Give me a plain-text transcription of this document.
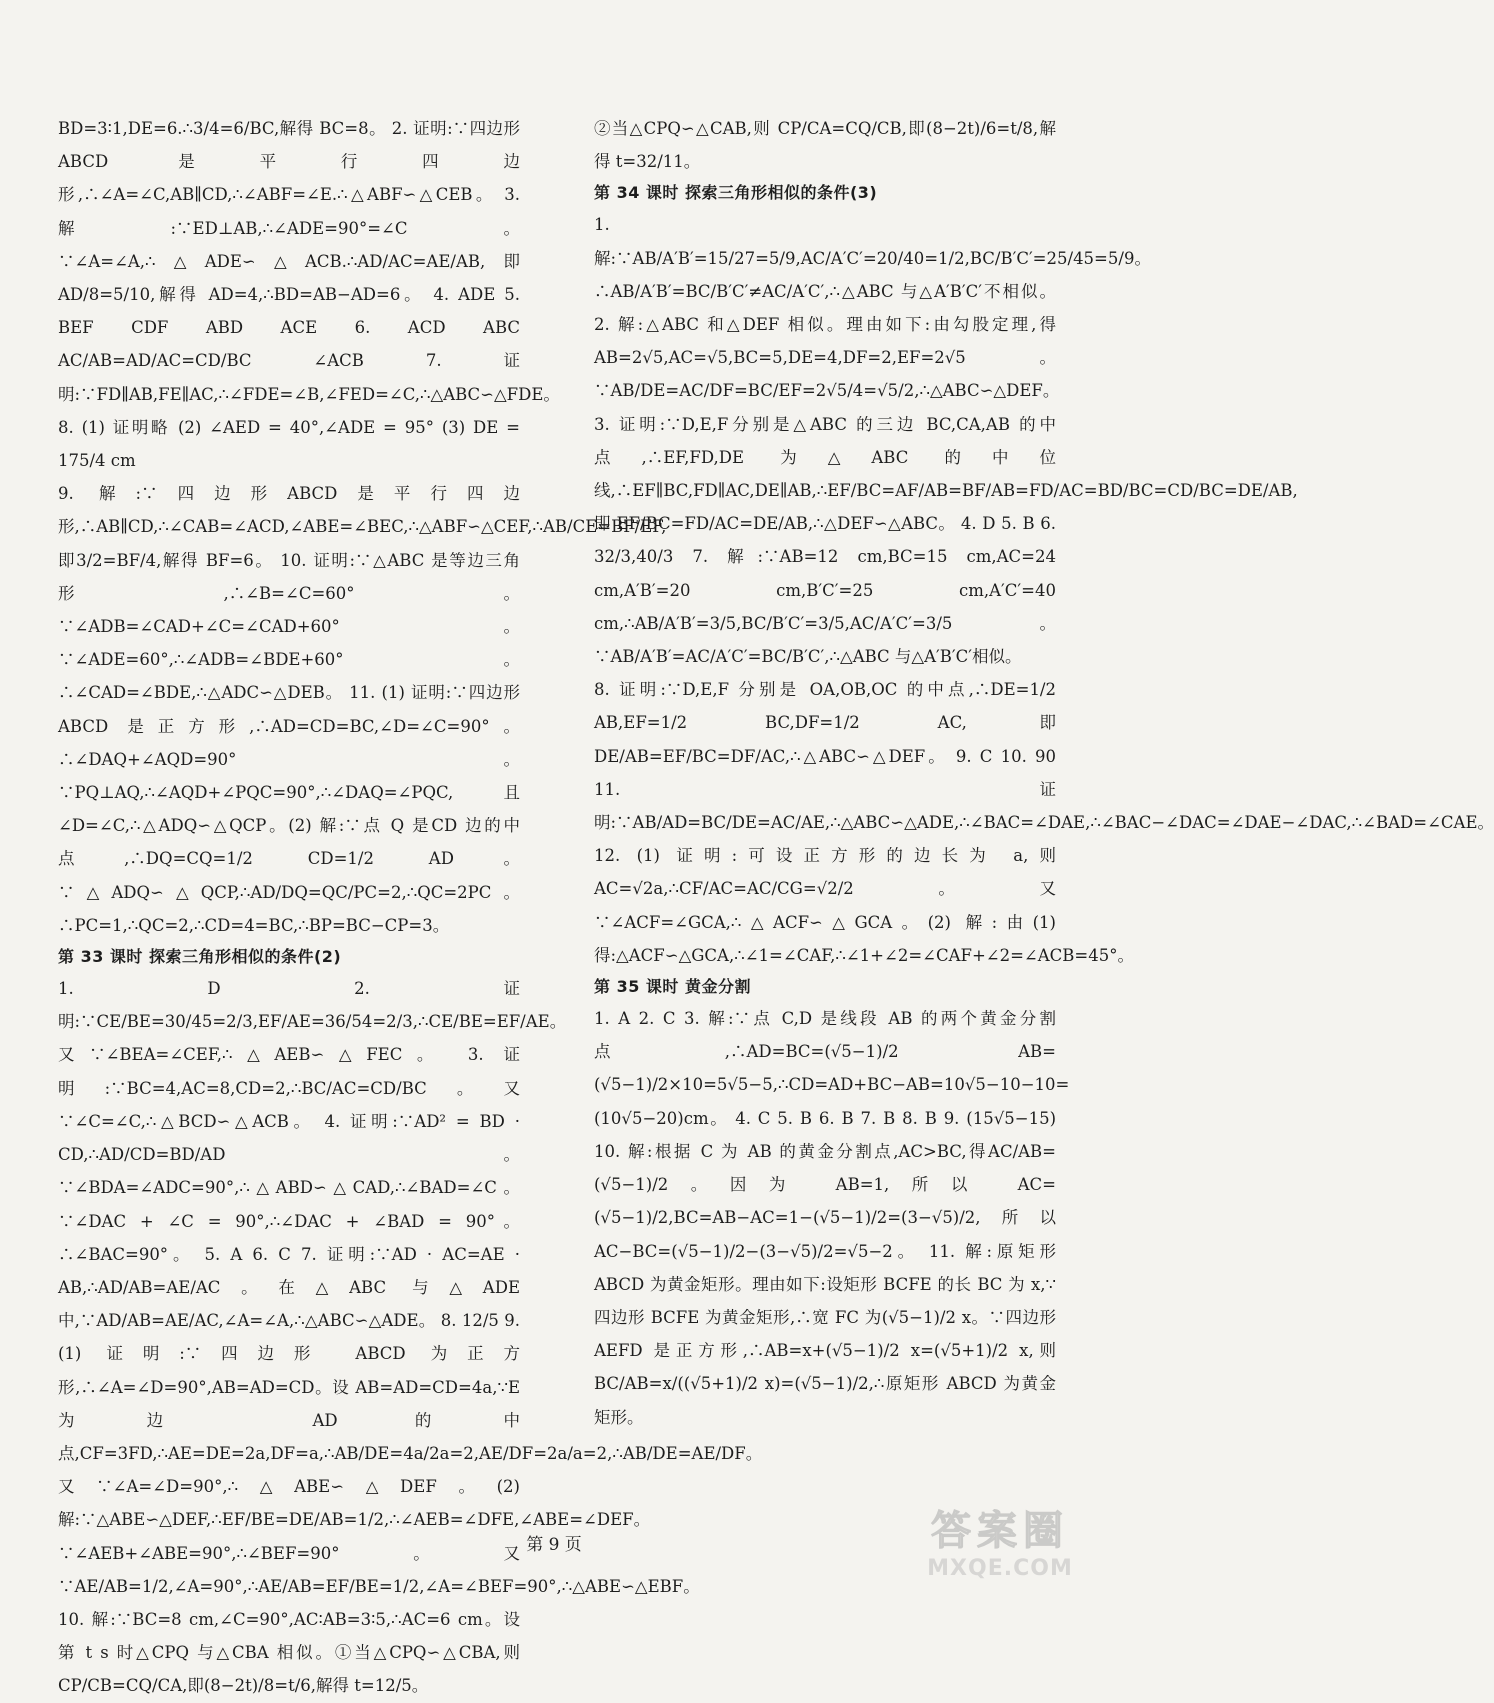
BD=3∶1,DE=6.∴3/4=6/BC,解得 BC=8。 2. 证明:∵四边形 ABCD 是平行四边形,∴∠A=∠C,AB∥CD,∴∠ABF=∠E.∴△ABF∽△CEB。 3. 解:∵ED⊥AB,∴∠ADE=90°=∠C。∵∠A=∠A,∴△ADE∽△ACB.∴AD/AC=AE/AB,即 AD/8=5/10,解得 AD=4,∴BD=AB−AD=6。 4. ADE 5. BEF CDF ABD ACE 6. ACD ABC AC/AB=AD/AC=CD/BC ∠ACB 7. 证明:∵FD∥AB,FE∥AC,∴∠FDE=∠B,∠FED=∠C,∴△ABC∽△FDE。 8. (1) 证明略 (2) ∠AED = 40°,∠ADE = 95° (3) DE = 175/4 cm

9. 解:∵四边形ABCD是平行四边形,∴AB∥CD,∴∠CAB=∠ACD,∠ABE=∠BEC,∴△ABF∽△CEF,∴AB/CE=BF/EF,即3/2=BF/4,解得 BF=6。 10. 证明:∵△ABC 是等边三角形,∴∠B=∠C=60°。∵∠ADB=∠CAD+∠C=∠CAD+60°。∵∠ADE=60°,∴∠ADB=∠BDE+60°。∴∠CAD=∠BDE,∴△ADC∽△DEB。 11. (1) 证明:∵四边形 ABCD 是正方形,∴AD=CD=BC,∠D=∠C=90°。∴∠DAQ+∠AQD=90°。∵PQ⊥AQ,∴∠AQD+∠PQC=90°,∴∠DAQ=∠PQC,且∠D=∠C,∴△ADQ∽△QCP。(2) 解:∵点 Q 是CD 边的中点,∴DQ=CQ=1/2 CD=1/2 AD。∵△ADQ∽△QCP,∴AD/DQ=QC/PC=2,∴QC=2PC。∴PC=1,∴QC=2,∴CD=4=BC,∴BP=BC−CP=3。

第 33 课时 探索三角形相似的条件(2)

1. D 2. 证明:∵CE/BE=30/45=2/3,EF/AE=36/54=2/3,∴CE/BE=EF/AE。又∵∠BEA=∠CEF,∴△AEB∽△FEC。 3. 证明:∵BC=4,AC=8,CD=2,∴BC/AC=CD/BC。又∵∠C=∠C,∴△BCD∽△ACB。 4. 证明:∵AD² = BD · CD,∴AD/CD=BD/AD。∵∠BDA=∠ADC=90°,∴△ABD∽△CAD,∴∠BAD=∠C。∵∠DAC + ∠C = 90°,∴∠DAC + ∠BAD = 90°。∴∠BAC=90°。 5. A 6. C 7. 证明:∵AD · AC=AE · AB,∴AD/AB=AE/AC。在△ABC 与△ADE 中,∵AD/AB=AE/AC,∠A=∠A,∴△ABC∽△ADE。 8. 12/5 9. (1) 证明:∵四边形 ABCD 为正方形,∴∠A=∠D=90°,AB=AD=CD。设 AB=AD=CD=4a,∵E 为边 AD 的中点,CF=3FD,∴AE=DE=2a,DF=a,∴AB/DE=4a/2a=2,AE/DF=2a/a=2,∴AB/DE=AE/DF。又∵∠A=∠D=90°,∴△ABE∽△DEF。(2) 解:∵△ABE∽△DEF,∴EF/BE=DE/AB=1/2,∴∠AEB=∠DFE,∠ABE=∠DEF。∵∠AEB+∠ABE=90°,∴∠BEF=90°。又∵AE/AB=1/2,∠A=90°,∴AE/AB=EF/BE=1/2,∠A=∠BEF=90°,∴△ABE∽△EBF。 10. 解:∵BC=8 cm,∠C=90°,AC∶AB=3∶5,∴AC=6 cm。设第 t s 时△CPQ 与△CBA 相似。①当△CPQ∽△CBA,则CP/CB=CQ/CA,即(8−2t)/8=t/6,解得 t=12/5。

②当△CPQ∽△CAB,则 CP/CA=CQ/CB,即(8−2t)/6=t/8,解得 t=32/11。

第 34 课时 探索三角形相似的条件(3)

1. 解:∵AB/A′B′=15/27=5/9,AC/A′C′=20/40=1/2,BC/B′C′=25/45=5/9。∴AB/A′B′=BC/B′C′≠AC/A′C′,∴△ABC 与△A′B′C′不相似。 2. 解:△ABC 和△DEF 相似。理由如下:由勾股定理,得 AB=2√5,AC=√5,BC=5,DE=4,DF=2,EF=2√5。∵AB/DE=AC/DF=BC/EF=2√5/4=√5/2,∴△ABC∽△DEF。 3. 证明:∵D,E,F分别是△ABC 的三边 BC,CA,AB 的中点,∴EF,FD,DE 为△ABC 的中位线,∴EF∥BC,FD∥AC,DE∥AB,∴EF/BC=AF/AB=BF/AB=FD/AC=BD/BC=CD/BC=DE/AB,即 EF/BC=FD/AC=DE/AB,∴△DEF∽△ABC。 4. D 5. B 6. 32/3,40/3 7. 解:∵AB=12 cm,BC=15 cm,AC=24 cm,A′B′=20 cm,B′C′=25 cm,A′C′=40 cm,∴AB/A′B′=3/5,BC/B′C′=3/5,AC/A′C′=3/5。∵AB/A′B′=AC/A′C′=BC/B′C′,∴△ABC 与△A′B′C′相似。

8. 证明:∵D,E,F 分别是 OA,OB,OC 的中点,∴DE=1/2 AB,EF=1/2 BC,DF=1/2 AC,即DE/AB=EF/BC=DF/AC,∴△ABC∽△DEF。 9. C 10. 90 11. 证明:∵AB/AD=BC/DE=AC/AE,∴△ABC∽△ADE,∴∠BAC=∠DAE,∴∠BAC−∠DAC=∠DAE−∠DAC,∴∠BAD=∠CAE。 12. (1) 证明:可设正方形的边长为 a,则 AC=√2a,∴CF/AC=AC/CG=√2/2。又∵∠ACF=∠GCA,∴△ACF∽△GCA。(2) 解:由(1)得:△ACF∽△GCA,∴∠1=∠CAF,∴∠1+∠2=∠CAF+∠2=∠ACB=45°。

第 35 课时 黄金分割

1. A 2. C 3. 解:∵点 C,D 是线段 AB 的两个黄金分割点,∴AD=BC=(√5−1)/2 AB=(√5−1)/2×10=5√5−5,∴CD=AD+BC−AB=10√5−10−10=(10√5−20)cm。 4. C 5. B 6. B 7. B 8. B 9. (15√5−15) 10. 解:根据 C 为 AB 的黄金分割点,AC>BC,得AC/AB=(√5−1)/2。因为 AB=1,所以 AC=(√5−1)/2,BC=AB−AC=1−(√5−1)/2=(3−√5)/2,所以 AC−BC=(√5−1)/2−(3−√5)/2=√5−2。 11. 解:原矩形 ABCD 为黄金矩形。理由如下:设矩形 BCFE 的长 BC 为 x,∵四边形 BCFE 为黄金矩形,∴宽 FC 为(√5−1)/2 x。∵四边形 AEFD 是正方形,∴AB=x+(√5−1)/2 x=(√5+1)/2 x,则 BC/AB=x/((√5+1)/2 x)=(√5−1)/2,∴原矩形 ABCD 为黄金矩形。

第 9 页	答案圈
MXQE.COM
